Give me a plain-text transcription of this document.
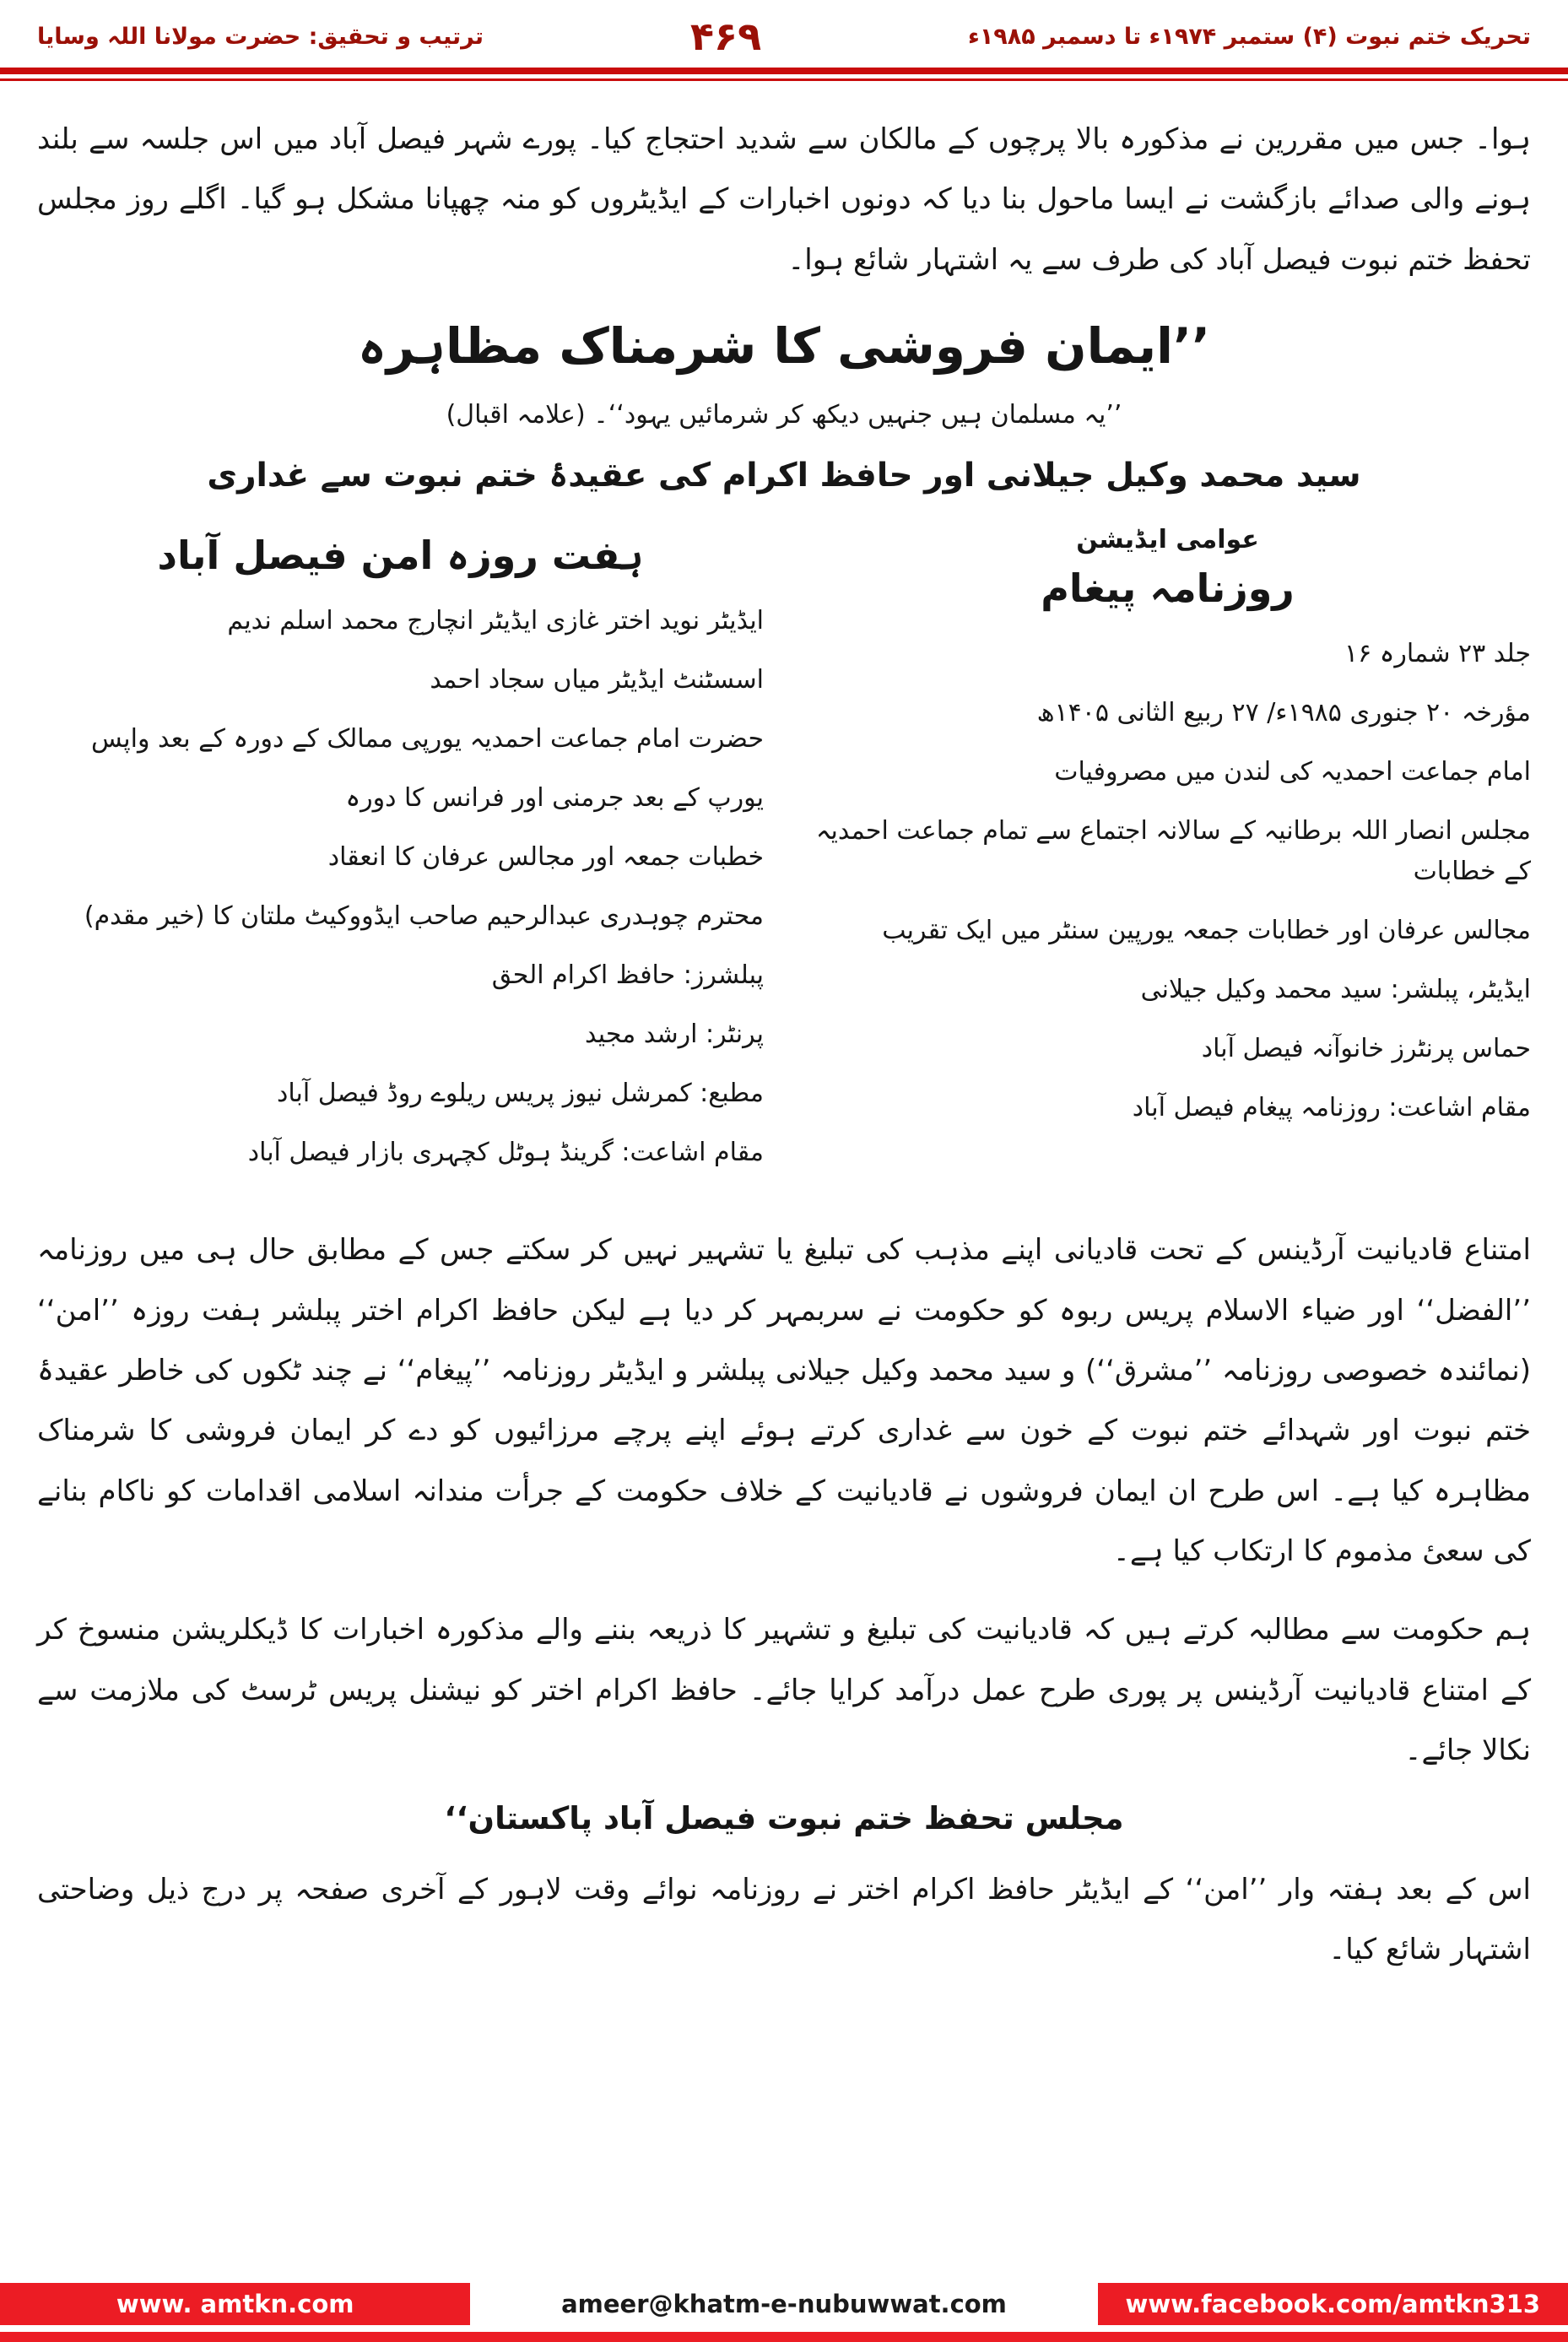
تحریک ختم نبوت (۴) ستمبر ۱۹۷۴ء تا دسمبر ۱۹۸۵ء
۴۶۹
ترتیب و تحقیق: حضرت مولانا اللہ وسایا

ہوا۔ جس میں مقررین نے مذکورہ بالا پرچوں کے مالکان سے شدید احتجاج کیا۔ پورے شہر فیصل آباد میں اس جلسہ سے بلند ہونے والی صدائے بازگشت نے ایسا ماحول بنا دیا کہ دونوں اخبارات کے ایڈیٹروں کو منہ چھپانا مشکل ہو گیا۔ اگلے روز مجلس تحفظ ختم نبوت فیصل آباد کی طرف سے یہ اشتہار شائع ہوا۔

’’ایمان فروشی کا شرمناک مظاہرہ
’’یہ مسلمان ہیں جنہیں دیکھ کر شرمائیں یہود‘‘۔ (علامہ اقبال)
سید محمد وکیل جیلانی اور حافظ اکرام کی عقیدۂ ختم نبوت سے غداری
عوامی ایڈیشن
روزنامہ پیغام
جلد ۲۳ شمارہ ۱۶
مؤرخہ ۲۰ جنوری ۱۹۸۵ء/ ۲۷ ربیع الثانی ۱۴۰۵ھ
امام جماعت احمدیہ کی لندن میں مصروفیات
مجلس انصار اللہ برطانیہ کے سالانہ اجتماع سے تمام جماعت احمدیہ کے خطابات
مجالس عرفان اور خطابات جمعہ یورپین سنٹر میں ایک تقریب
ایڈیٹر، پبلشر: سید محمد وکیل جیلانی
حماس پرنٹرز خانوآنہ فیصل آباد
مقام اشاعت: روزنامہ پیغام فیصل آباد
ہفت روزہ امن فیصل آباد
ایڈیٹر نوید اختر غازی ایڈیٹر انچارج محمد اسلم ندیم
اسسٹنٹ ایڈیٹر میاں سجاد احمد
حضرت امام جماعت احمدیہ یورپی ممالک کے دورہ کے بعد واپس
یورپ کے بعد جرمنی اور فرانس کا دورہ
خطبات جمعہ اور مجالس عرفان کا انعقاد
محترم چوہدری عبدالرحیم صاحب ایڈووکیٹ ملتان کا (خیر مقدم)
پبلشرز: حافظ اکرام الحق
پرنٹر: ارشد مجید
مطبع: کمرشل نیوز پریس ریلوے روڈ فیصل آباد
مقام اشاعت: گرینڈ ہوٹل کچہری بازار فیصل آباد

امتناع قادیانیت آرڈینس کے تحت قادیانی اپنے مذہب کی تبلیغ یا تشہیر نہیں کر سکتے جس کے مطابق حال ہی میں روزنامہ ’’الفضل‘‘ اور ضیاء الاسلام پریس ربوہ کو حکومت نے سربمہر کر دیا ہے لیکن حافظ اکرام اختر پبلشر ہفت روزہ ’’امن‘‘ (نمائندہ خصوصی روزنامہ ’’مشرق‘‘) و سید محمد وکیل جیلانی پبلشر و ایڈیٹر روزنامہ ’’پیغام‘‘ نے چند ٹکوں کی خاطر عقیدۂ ختم نبوت اور شہدائے ختم نبوت کے خون سے غداری کرتے ہوئے اپنے پرچے مرزائیوں کو دے کر ایمان فروشی کا شرمناک مظاہرہ کیا ہے۔ اس طرح ان ایمان فروشوں نے قادیانیت کے خلاف حکومت کے جرأت مندانہ اسلامی اقدامات کو ناکام بنانے کی سعیٔ مذموم کا ارتکاب کیا ہے۔

ہم حکومت سے مطالبہ کرتے ہیں کہ قادیانیت کی تبلیغ و تشہیر کا ذریعہ بننے والے مذکورہ اخبارات کا ڈیکلریشن منسوخ کر کے امتناع قادیانیت آرڈینس پر پوری طرح عمل درآمد کرایا جائے۔ حافظ اکرام اختر کو نیشنل پریس ٹرسٹ کی ملازمت سے نکالا جائے۔

مجلس تحفظ ختم نبوت فیصل آباد پاکستان‘‘

اس کے بعد ہفتہ وار ’’امن‘‘ کے ایڈیٹر حافظ اکرام اختر نے روزنامہ نوائے وقت لاہور کے آخری صفحہ پر درج ذیل وضاحتی اشتہار شائع کیا۔

www. amtkn.com	ameer@khatm-e-nubuwwat.com	www.facebook.com/amtkn313
